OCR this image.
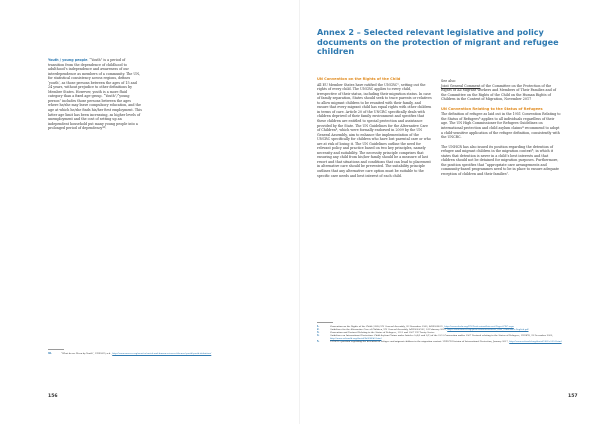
Youth / young people. “Youth” is a period of transition from the dependence of childhood to adulthood’s independence and awareness of our interdependence as members of a community. The UN, for statistical consistency across regions, defines ‘youth’, as those persons between the ages of 15 and 24 years, without prejudice to other definitions by Member States. However, youth is a more fluid category than a fixed age-group. “Youth”/“young person” includes those persons between the ages where he/she may leave compulsory education, and the age at which he/she finds his/her first employment. This latter age limit has been increasing, as higher levels of unemployment and the cost of setting up an independent household put many young people into a prolonged period of dependency$^{40}$.

40.	“What do we Mean by Youth”, UNESCO, n.d., http://www.unesco.org/new/en/social-and-human-sciences/themes/youth/youth-definition/

156
Annex 2 – Selected relevant legislative and policy documents on the protection of migrant and refugee children

UN Convention on the Rights of the Child

All EU Member States have ratified the UNCRC$^1$, setting out the rights of every child. The UNCRC applies to every child, irrespective of their status, including their migration status. In case of family separation, States should seek to trace parents or relatives to allow migrant children to be reunited with their family, and ensure that every migrant child has equal rights with other children in terms of care. Article 20 of the UNCRC specifically deals with children deprived of their family environment and specifies that these children are entitled to special protection and assistance provided by the State. The UN Guidelines for the Alternative Care of Children$^2$, which were formally endorsed in 2009 by the UN General Assembly, aim to enhance the implementation of the UNCRC specifically for children who have lost parental care or who are at risk of losing it. The UN Guidelines outline the need for relevant policy and practice based on two key principles, namely necessity and suitability. The necessity principle comprises that ensuring any child from his/her family should be a measure of last resort and that situations and conditions that can lead to placement in alternative care should be prevented. The suitability principle outlines that any alternative care option must be suitable to the specific care needs and best interest of each child.

See also:

Joint General Comment of the Committee on the Protection of the Rights of All Migrant Workers and Members of Their Families and of the Committee on the Rights of the Child on the Human Rights of Children in the Context of Migration, November 2017

UN Convention Relating to the Status of Refugees

The definition of refugee as laid out in the 1951 Convention Relating to the Status of Refugees$^3$ applies to all individuals regardless of their age. The UN High Commissioner for Refugees Guidelines on international protection and child asylum claims$^4$ recommend to adopt a child-sensitive application of the refugee definition, consistently with the UNCRC.

The UNHCR has also issued its position regarding the detention of refugee and migrant children in the migration context$^5$, in which it states that detention is never in a child’s best interests and that children should not be detained for migration purposes. Furthermore, the position specifies that “appropriate care arrangements and community-based programmes need to be in place to ensure adequate reception of children and their families”.

1.	Convention on the Rights of the Child (1989) UN General Assembly, 20 November 1989, A/RES/44/25, http://www.ohchr.org/EN/ProfessionalInterest/Pages/CRC.aspx

2.	Guidelines for the Alternative Care of Children, UN General Assembly, A/RES/64/142, 24 February 2010, http://www.unicef.org/protection/alternative_care_Guidelines-English.pdf

3.	Convention and Protocol Relating to the Status of Refugees, 1951 and 1967 UN Treaty Series.

4.	Guidelines on International Protection: Child Asylum Claims under Articles 1(A)2 and 1(F) of the 1951 Convention and/or 1967 Protocol relating to the Status of Refugees, UNHCR, 22 December 2009, http://www.refworld.org/docid/4b2f4f6d2.html

5.	UNHCR’s position regarding the detention of refugee and migrant children in the migration context. UNHCR Division of International Protection, January 2017, http://www.refworld.org/docid/5885c2434.html

157
